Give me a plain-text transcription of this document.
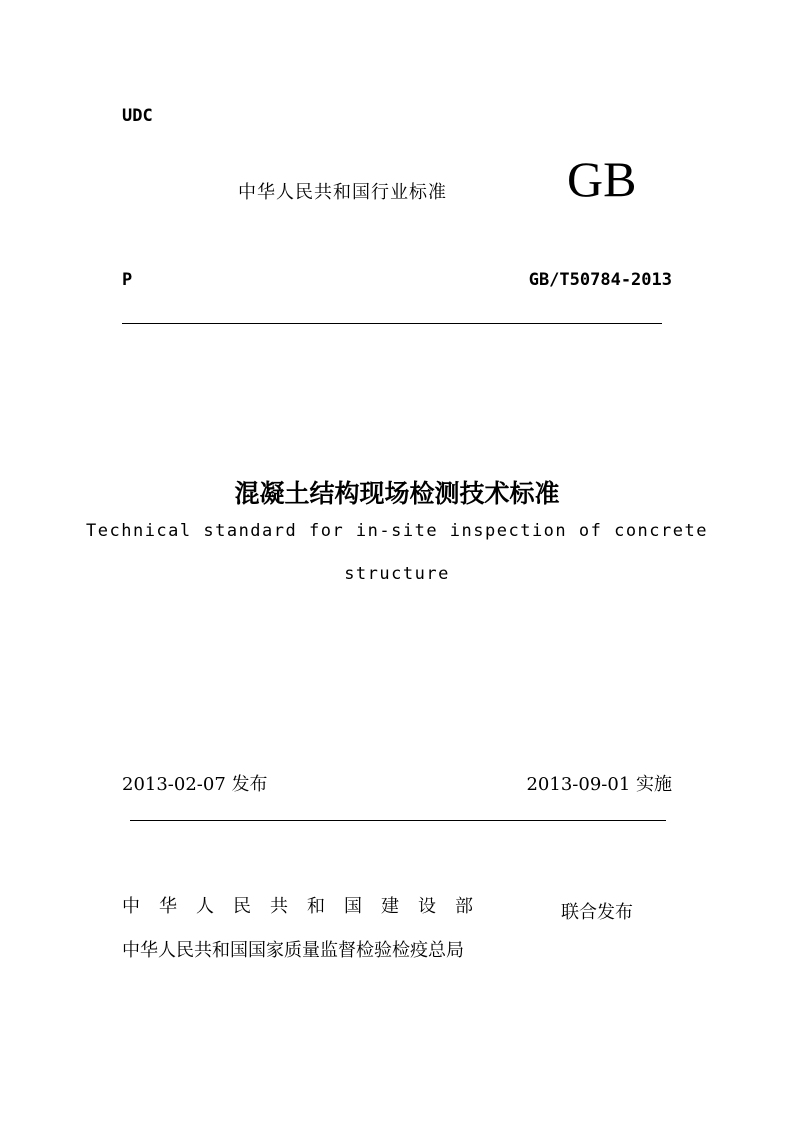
UDC
中华人民共和国行业标准 GB
P	GB/T50784-2013
混凝土结构现场检测技术标准
Technical standard for in-site inspection of concrete
structure
2013-02-07 发布	2013-09-01 实施
中华人民共和国建设部	联合发布
中华人民共和国国家质量监督检验检疫总局
